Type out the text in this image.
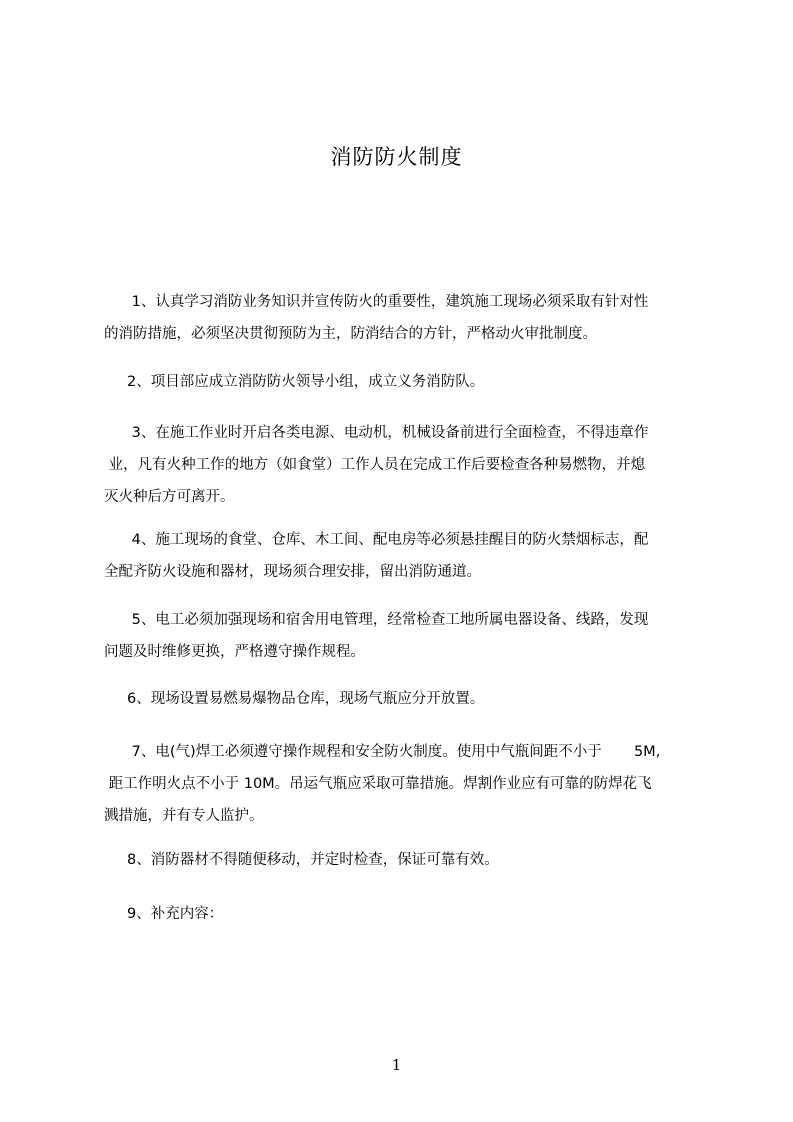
消防防火制度
1、认真学习消防业务知识并宣传防火的重要性，建筑施工现场必须采取有针对性
的消防措施，必须坚决贯彻预防为主，防消结合的方针，严格动火审批制度。
2、项目部应成立消防防火领导小组，成立义务消防队。
3、在施工作业时开启各类电源、电动机，机械设备前进行全面检查，不得违章作
业，凡有火种工作的地方（如食堂）工作人员在完成工作后要检查各种易燃物，并熄
灭火种后方可离开。
4、施工现场的食堂、仓库、木工间、配电房等必须悬挂醒目的防火禁烟标志，配
全配齐防火设施和器材，现场须合理安排，留出消防通道。
5、电工必须加强现场和宿舍用电管理，经常检查工地所属电器设备、线路，发现
问题及时维修更换，严格遵守操作规程。
6、现场设置易燃易爆物品仓库，现场气瓶应分开放置。
7、电(气)焊工必须遵守操作规程和安全防火制度。使用中气瓶间距不小于       5M,
距工作明火点不小于 10M。吊运气瓶应采取可靠措施。焊割作业应有可靠的防焊花飞
溅措施，并有专人监护。
8、消防器材不得随便移动，并定时检查，保证可靠有效。
9、补充内容：
1
